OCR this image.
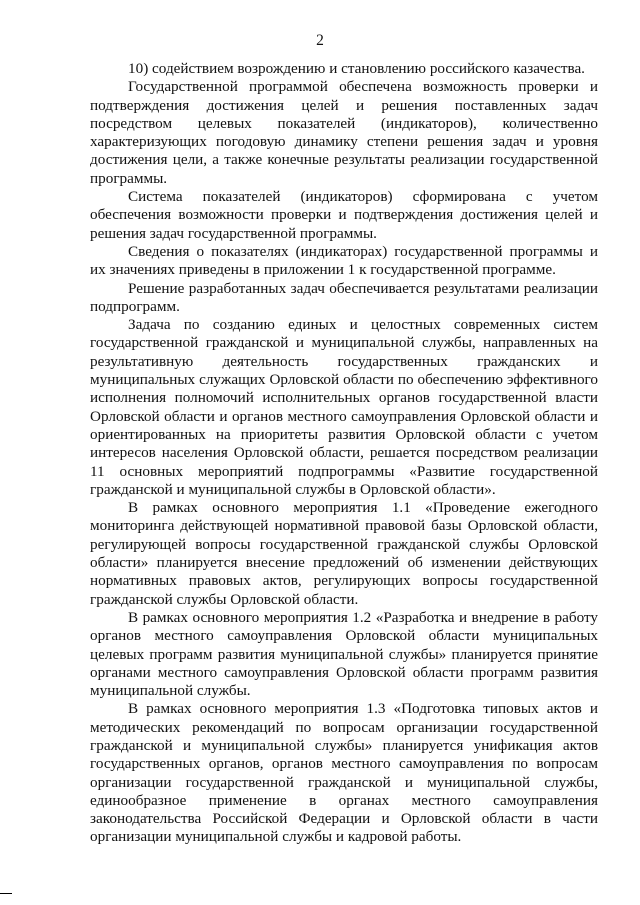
2

10) содействием возрождению и становлению российского казачества.

Государственной программой обеспечена возможность проверки и подтверждения достижения целей и решения поставленных задач посредством целевых показателей (индикаторов), количественно характеризующих погодовую динамику степени решения задач и уровня достижения цели, а также конечные результаты реализации государственной программы.

Система показателей (индикаторов) сформирована с учетом обеспечения возможности проверки и подтверждения достижения целей и решения задач государственной программы.

Сведения о показателях (индикаторах) государственной программы и их значениях приведены в приложении 1 к государственной программе.

Решение разработанных задач обеспечивается результатами реализации подпрограмм.

Задача по созданию единых и целостных современных систем государственной гражданской и муниципальной службы, направленных на результативную деятельность государственных гражданских и муниципальных служащих Орловской области по обеспечению эффективного исполнения полномочий исполнительных органов государственной власти Орловской области и органов местного самоуправления Орловской области и ориентированных на приоритеты развития Орловской области с учетом интересов населения Орловской области, решается посредством реализации 11 основных мероприятий подпрограммы «Развитие государственной гражданской и муниципальной службы в Орловской области».

В рамках основного мероприятия 1.1 «Проведение ежегодного мониторинга действующей нормативной правовой базы Орловской области, регулирующей вопросы государственной гражданской службы Орловской области» планируется внесение предложений об изменении действующих нормативных правовых актов, регулирующих вопросы государственной гражданской службы Орловской области.

В рамках основного мероприятия 1.2 «Разработка и внедрение в работу органов местного самоуправления Орловской области муниципальных целевых программ развития муниципальной службы» планируется принятие органами местного самоуправления Орловской области программ развития муниципальной службы.

В рамках основного мероприятия 1.3 «Подготовка типовых актов и методических рекомендаций по вопросам организации государственной гражданской и муниципальной службы» планируется унификация актов государственных органов, органов местного самоуправления по вопросам организации государственной гражданской и муниципальной службы, единообразное применение в органах местного самоуправления законодательства Российской Федерации и Орловской области в части организации муниципальной службы и кадровой работы.
